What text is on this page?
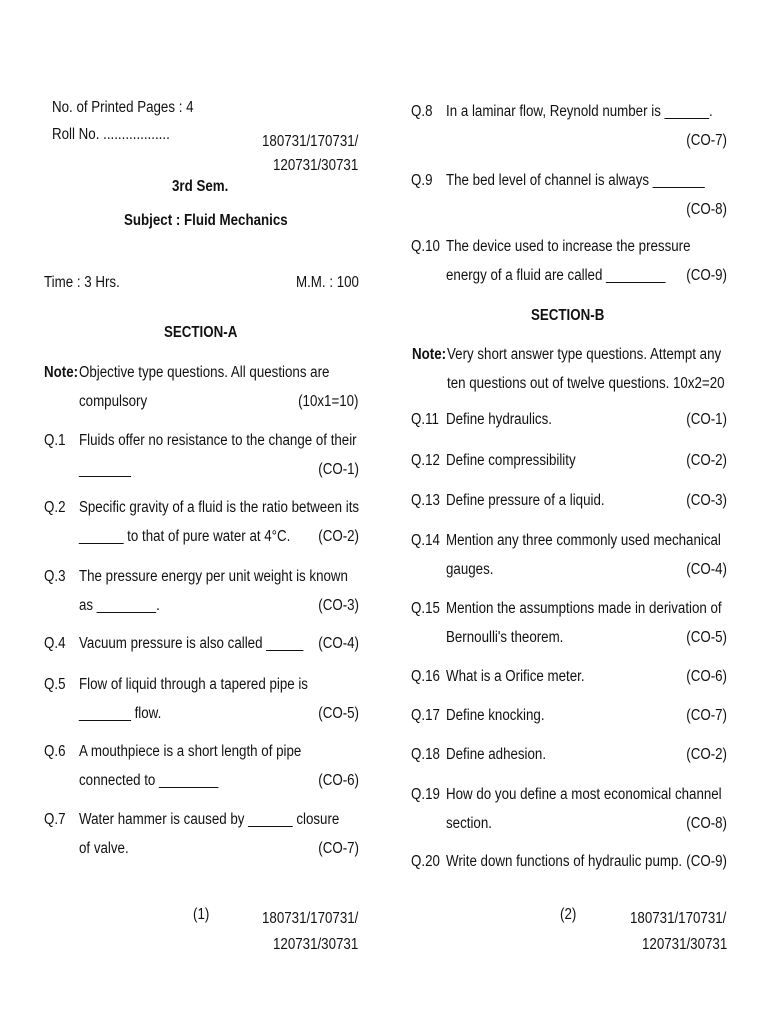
No. of Printed Pages : 4
Roll No. ..................	180731/170731/
120731/30731
3rd Sem.
Subject : Fluid Mechanics
Time : 3 Hrs.	M.M. : 100
SECTION-A
Note: Objective type questions. All questions are
compulsory	(10x1=10)
Q.1 Fluids offer no resistance to the change of their
_______	(CO-1)
Q.2 Specific gravity of a fluid is the ratio between its
______ to that of pure water at 4°C. (CO-2)
Q.3 The pressure energy per unit weight is known
as ________.	(CO-3)
Q.4 Vacuum pressure is also called _____ (CO-4)
Q.5 Flow of liquid through a tapered pipe is
_______ flow.	(CO-5)
Q.6 A mouthpiece is a short length of pipe
connected to ________	(CO-6)
Q.7 Water hammer is caused by ______ closure
of valve.	(CO-7)
Q.8 In a laminar flow, Reynold number is ______.
(CO-7)
Q.9 The bed level of channel is always _______
(CO-8)
Q.10 The device used to increase the pressure
energy of a fluid are called ________ (CO-9)
SECTION-B
Note: Very short answer type questions. Attempt any
ten questions out of twelve questions. 10x2=20
Q.11 Define hydraulics.	(CO-1)
Q.12 Define compressibility	(CO-2)
Q.13 Define pressure of a liquid.	(CO-3)
Q.14 Mention any three commonly used mechanical
gauges.	(CO-4)
Q.15 Mention the assumptions made in derivation of
Bernoulli's theorem.	(CO-5)
Q.16 What is a Orifice meter.	(CO-6)
Q.17 Define knocking.	(CO-7)
Q.18 Define adhesion.	(CO-2)
Q.19 How do you define a most economical channel
section.	(CO-8)
Q.20 Write down functions of hydraulic pump. (CO-9)
(1)	180731/170731/
120731/30731
(2)	180731/170731/
120731/30731
